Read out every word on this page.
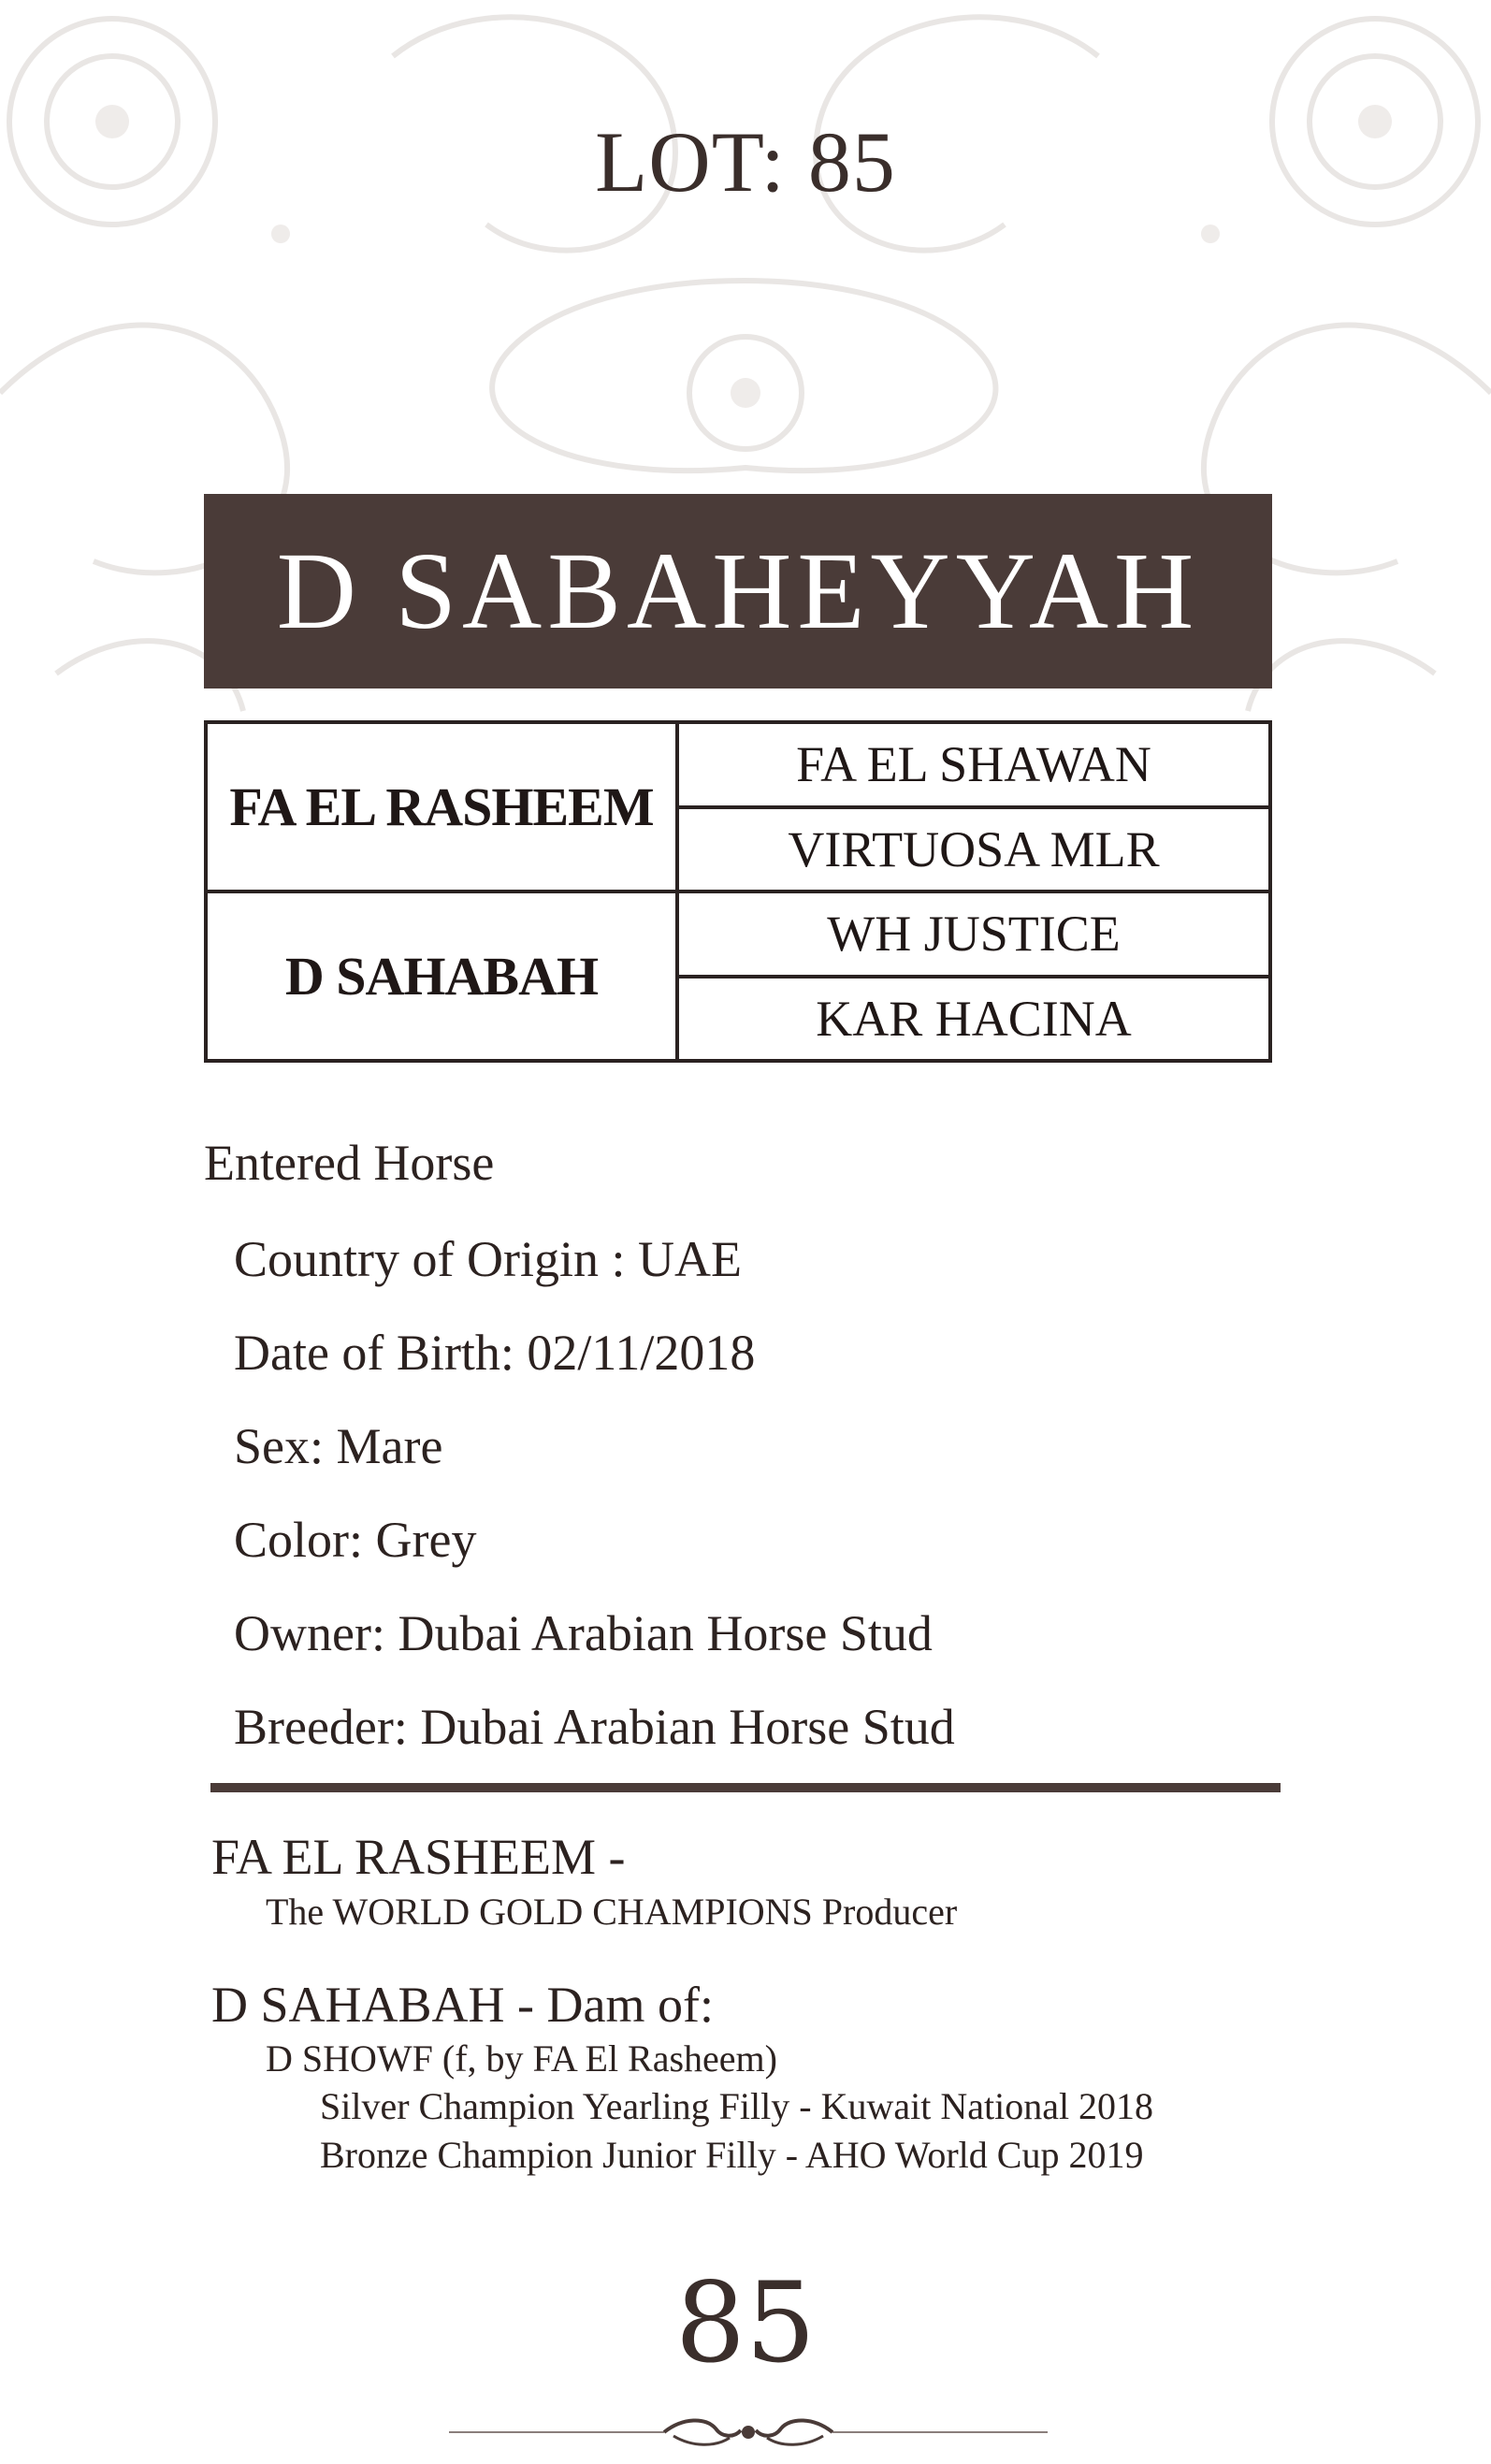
LOT: 85
D SABAHEYYAH
FA EL RASHEEM	FA EL SHAWAN
	VIRTUOSA MLR
D SAHABAH	WH JUSTICE
	KAR HACINA
Entered Horse
Country of Origin : UAE
Date of Birth: 02/11/2018
Sex: Mare
Color: Grey
Owner: Dubai Arabian Horse Stud
Breeder: Dubai Arabian Horse Stud
FA EL RASHEEM -
The WORLD GOLD CHAMPIONS Producer
D SAHABAH - Dam of:
D SHOWF (f, by FA El Rasheem)
Silver Champion Yearling Filly - Kuwait National 2018
Bronze Champion Junior Filly - AHO World Cup 2019
85
